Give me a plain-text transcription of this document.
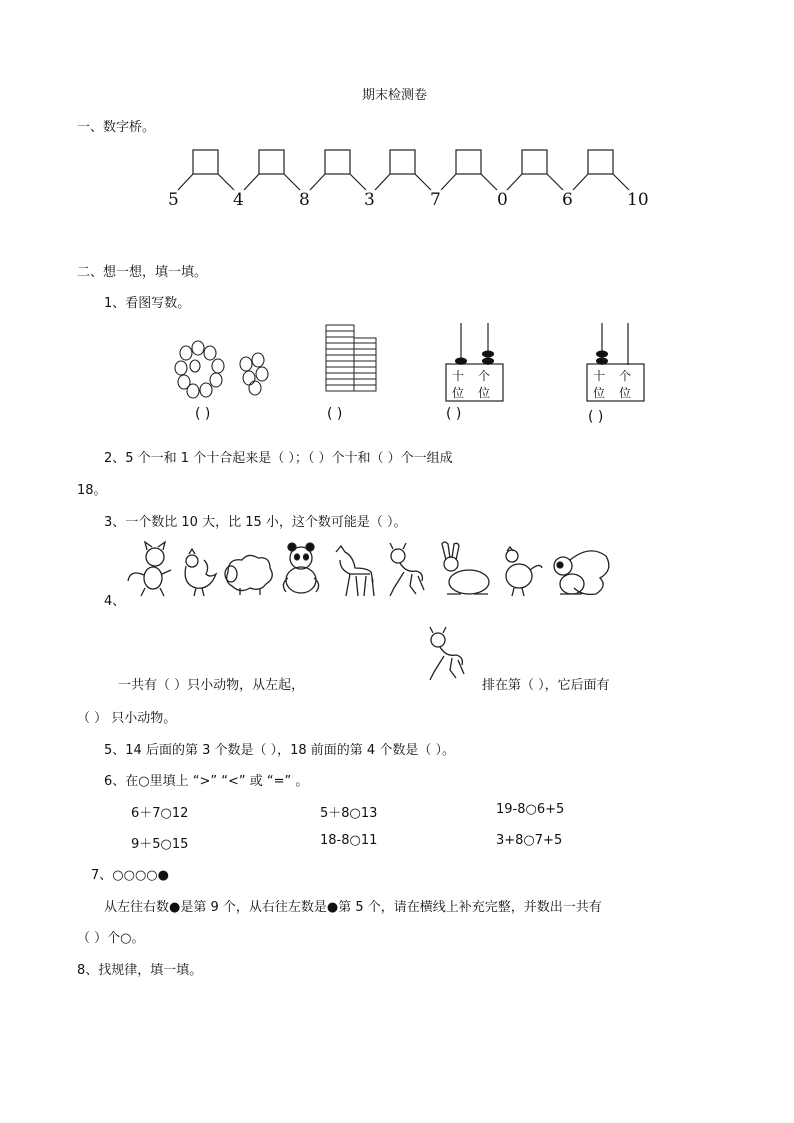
期末检测卷
一、数字桥。
5	4	8	3	7	0	6	10
二、想一想，填一填。
1、看图写数。
十 个
位 位
十 个
位 位
( )	( )	( )	( )
2、5 个一和 1 个十合起来是（ ）；（ ）个十和（ ）个一组成
18。
3、一个数比 10 大，比 15 小，这个数可能是（ ）。
4、
一共有（ ）只小动物，从左起，	排在第（ ），它后面有
（ ） 只小动物。
5、14 后面的第 3 个数是（ ），18 前面的第 4 个数是（ ）。
6、在○里填上 “>” “<” 或 “=” 。
6＋7○12	5＋8○13	19-8○6+5
9＋5○15	18-8○11	3+8○7+5
7、○○○○●
从左往右数●是第 9 个，从右往左数是●第 5 个，请在横线上补充完整，并数出一共有
（ ）个○。
8、找规律，填一填。
